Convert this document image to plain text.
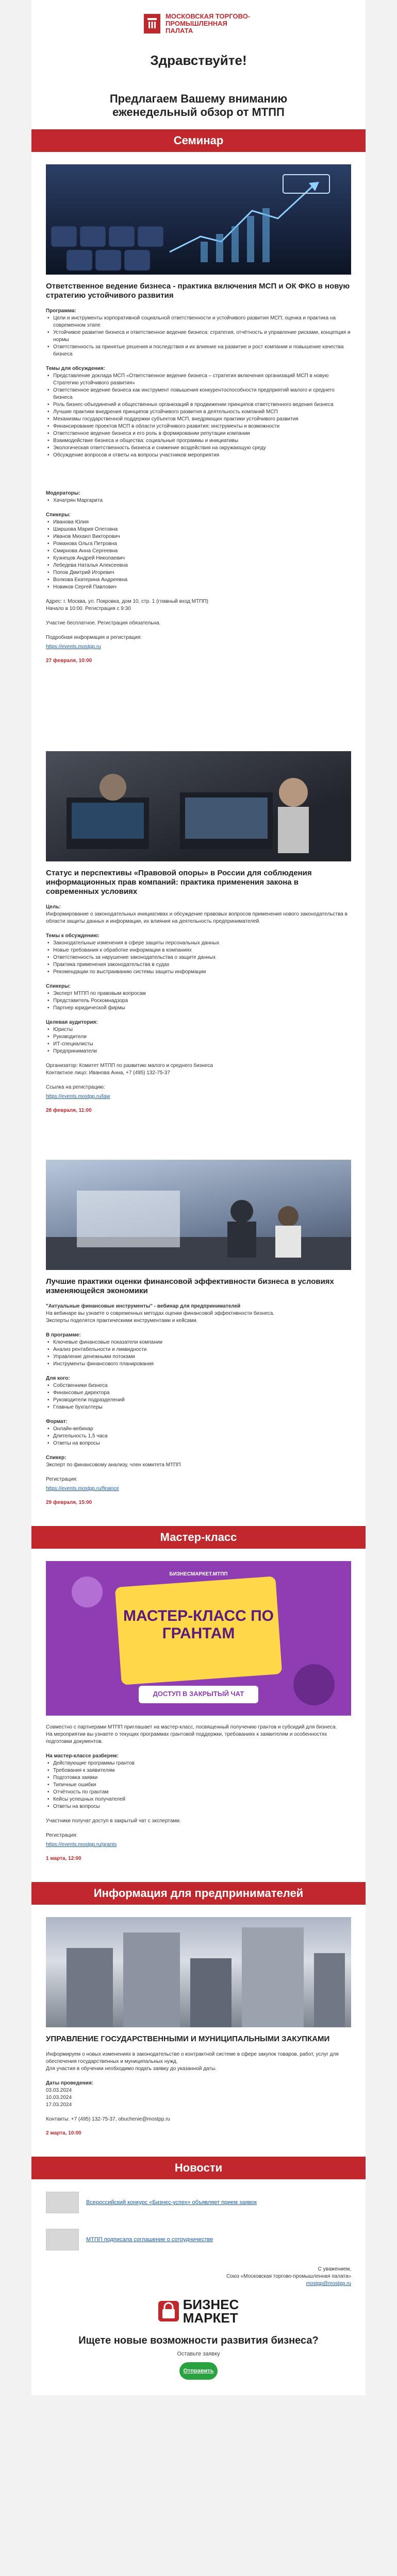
МОСКОВСКАЯ ТОРГОВО-ПРОМЫШЛЕННАЯ ПАЛАТА
Здравствуйте!
Предлагаем Вашему вниманию еженедельный обзор от МТПП
Семинар
Ответственное ведение бизнеса - практика включения МСП и ОК ФКО в новую стратегию устойчивого развития
Программа:
• Цели и инструменты корпоративной социальной ответственности и устойчивого развития МСП; оценка и практика на современном этапе
• Устойчивое развитие бизнеса и ответственное ведение бизнеса: стратегия, отчётность и управление рисками, концепция и нормы
• Ответственность за принятые решения и последствия и их влияние на развитие и рост компании и повышение качества бизнеса
Темы для обсуждения:
• Представление доклада МСП «Ответственное ведение бизнеса – стратегия включения организаций МСП в новую Стратегию устойчивого развития»
• Ответственное ведение бизнеса как инструмент повышения конкурентоспособности предприятий малого и среднего бизнеса
• Роль бизнес-объединений и общественных организаций в продвижении принципов ответственного ведения бизнеса
• Лучшие практики внедрения принципов устойчивого развития в деятельность компаний МСП
• Механизмы государственной поддержки субъектов МСП, внедряющих практики устойчивого развития
• Финансирование проектов МСП в области устойчивого развития: инструменты и возможности
• Ответственное ведение бизнеса и его роль в формировании репутации компании
• Взаимодействие бизнеса и общества: социальные программы и инициативы
• Экологическая ответственность бизнеса и снижение воздействия на окружающую среду
• Обсуждение вопросов и ответы на вопросы участников мероприятия
Модераторы:
• Хачатрян Маргарита
Спикеры:
• Иванова Юлия
• Ширшова Мария Олеговна
• Иванов Михаил Викторович
• Романова Ольга Петровна
• Смирнова Анна Сергеевна
• Кузнецов Андрей Николаевич
• Лебедева Наталья Алексеевна
• Попов Дмитрий Игоревич
• Волкова Екатерина Андреевна
• Новиков Сергей Павлович
Адрес: г. Москва, ул. Покровка, дом 10, стр. 1 (главный вход МТПП)
Начало в 10:00. Регистрация с 9:30
Участие бесплатное. Регистрация обязательна.
Подробная информация и регистрация:
https://events.mostpp.ru
27 февраля, 10:00
Статус и перспективы «Правовой опоры» в России для соблюдения информационных прав компаний: практика применения закона в современных условиях
Цель:
Информирование о законодательных инициативах и обсуждение правовых вопросов применения нового законодательства в области защиты данных и информации, их влияния на деятельность предпринимателей.
Темы к обсуждению:
• Законодательные изменения в сфере защиты персональных данных
• Новые требования к обработке информации в компаниях
• Ответственность за нарушение законодательства о защите данных
• Практика применения законодательства в судах
• Рекомендации по выстраиванию системы защиты информации
Спикеры:
• Эксперт МТПП по правовым вопросам
• Представитель Роскомнадзора
• Партнер юридической фирмы
Целевая аудитория:
• Юристы
• Руководители
• ИТ-специалисты
• Предприниматели
Организатор: Комитет МТПП по развитию малого и среднего бизнеса
Контактное лицо: Иванова Анна, +7 (495) 132-75-37
Ссылка на регистрацию:
https://events.mostpp.ru/law
28 февраля, 11:00
Лучшие практики оценки финансовой эффективности бизнеса в условиях изменяющейся экономики
"Актуальные финансовые инструменты" - вебинар для предпринимателей
На вебинаре вы узнаете о современных методах оценки финансовой эффективности бизнеса.
Эксперты поделятся практическими инструментами и кейсами.
В программе:
• Ключевые финансовые показатели компании
• Анализ рентабельности и ликвидности
• Управление денежными потоками
• Инструменты финансового планирования
Для кого:
• Собственники бизнеса
• Финансовые директора
• Руководители подразделений
• Главные бухгалтеры
Формат:
• Онлайн-вебинар
• Длительность 1,5 часа
• Ответы на вопросы
Спикер:
Эксперт по финансовому анализу, член комитета МТПП
Регистрация:
https://events.mostpp.ru/finance
29 февраля, 15:00
Мастер-класс
МАСТЕР-КЛАСС ПО ГРАНТАМ
ДОСТУП В ЗАКРЫТЫЙ ЧАТ
БИЗНЕСМАРКЕТ.МТПП
Совместно с партнерами МТПП приглашает на мастер-класс, посвященный получению грантов и субсидий для бизнеса.
На мероприятии вы узнаете о текущих программах грантовой поддержки, требованиях к заявителям и особенностях подготовки документов.
На мастер-классе разберем:
• Действующие программы грантов
• Требования к заявителям
• Подготовка заявки
• Типичные ошибки
• Отчётность по грантам
• Кейсы успешных получателей
• Ответы на вопросы
Участники получат доступ в закрытый чат с экспертами.
Регистрация:
https://events.mostpp.ru/grants
1 марта, 12:00
Информация для предпринимателей
УПРАВЛЕНИЕ ГОСУДАРСТВЕННЫМИ И МУНИЦИПАЛЬНЫМИ ЗАКУПКАМИ
Информируем о новых изменениях в законодательстве о контрактной системе в сфере закупок товаров, работ, услуг для обеспечения государственных и муниципальных нужд.
Для участия в обучении необходимо подать заявку до указанной даты.
Даты проведения:
03.03.2024
10.03.2024
17.03.2024
Контакты: +7 (495) 132-75-37, obuchenie@mostpp.ru
2 марта, 10:00
Новости
Всероссийский конкурс «Бизнес-успех» объявляет прием заявок
МТПП подписала соглашение о сотрудничестве
С уважением,
Союз «Московская торгово-промышленная палата»
mostpp@mostpp.ru
БИЗНЕС
МАРКЕТ
Ищете новые возможности развития бизнеса?
Оставьте заявку
Отправить
